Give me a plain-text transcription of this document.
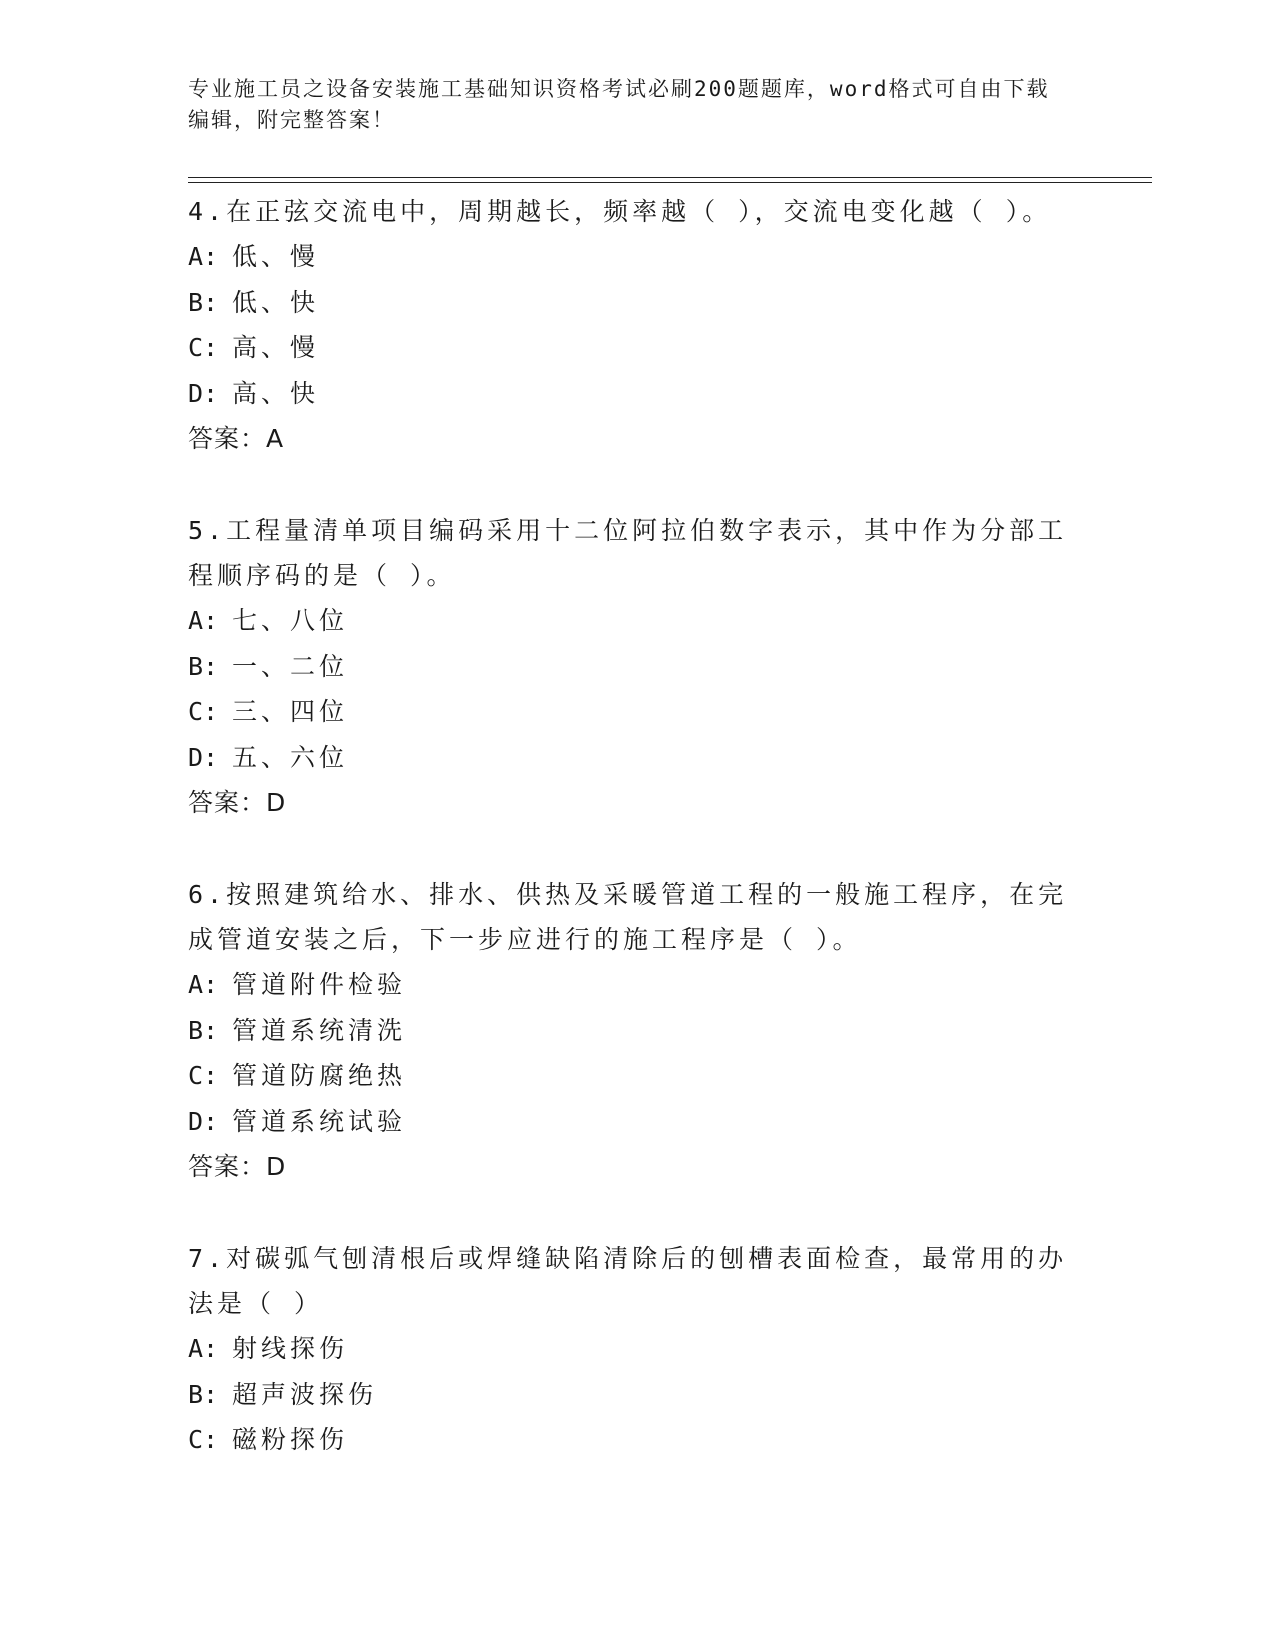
专业施工员之设备安装施工基础知识资格考试必刷200题题库，word格式可自由下载编辑，附完整答案！
4.在正弦交流电中，周期越长，频率越（ ），交流电变化越（ ）。
A: 低、慢
B: 低、快
C: 高、慢
D: 高、快
答案：A
5.工程量清单项目编码采用十二位阿拉伯数字表示，其中作为分部工程顺序码的是（ ）。
A: 七、八位
B: 一、二位
C: 三、四位
D: 五、六位
答案：D
6.按照建筑给水、排水、供热及采暖管道工程的一般施工程序，在完成管道安装之后，下一步应进行的施工程序是（ ）。
A: 管道附件检验
B: 管道系统清洗
C: 管道防腐绝热
D: 管道系统试验
答案：D
7.对碳弧气刨清根后或焊缝缺陷清除后的刨槽表面检查，最常用的办法是（ ）
A: 射线探伤
B: 超声波探伤
C: 磁粉探伤
